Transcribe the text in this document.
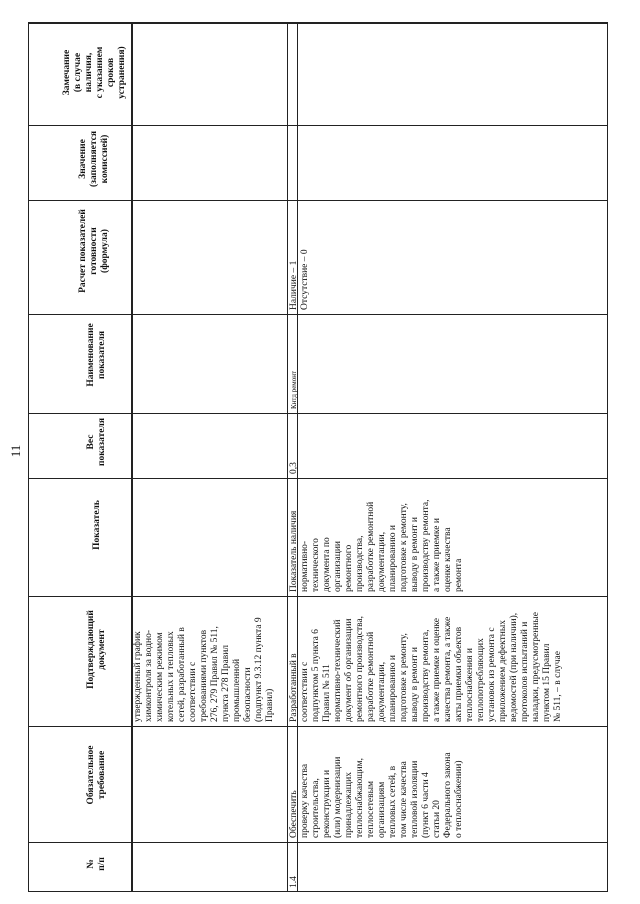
11
Замечание (в случае наличия, с указанием сроков устранения)
Значение (заполняется комиссией)
Расчет показателей готовности (формула)
Наименование показателя
Вес показателя
Показатель
Подтверждающий документ
Обязательное требование
№ п/п
утвержденный график химконтроля за водно- химическим режимом котельных и тепловых сетей, разработанный в соответствии с требованиями пунктов 276, 279 Правил № 511, пункта 278 Правил промышленной безопасности (подпункт 9.3.12 пункта 9 Правил)
1.4
Обеспечить проверку качества строительства, реконструкции и (или) модернизации принадлежащих теплоснабжающим, теплосетевым организациям тепловых сетей, в том числе качества тепловой изоляции (пункт 6 части 4 статьи 20 Федерального закона о теплоснабжении)
Разработанный в соответствии с подпунктом 5 пункта 6 Правил № 511 нормативно-технический документ об организации ремонтного производства, разработке ремонтной документации, планированию и подготовке к ремонту, выводу в ремонт и производству ремонта, а также приемке и оценке качества ремонта, а также акты приемки объектов теплоснабжения и теплопотребляющих установок из ремонта с приложением дефектных ведомостей (при наличии), протоколов испытаний и наладки, предусмотренные пунктом 15 Правил № 511, – в случае
Показатель наличия нормативно- технического документа по организации ремонтного производства, разработке ремонтной документации, планированию и подготовке к ремонту, выводу в ремонт и производству ремонта, а также приемке и оценке качества ремонта
0,3
Кнтд ремонт
Наличие – 1 Отсутствие – 0
